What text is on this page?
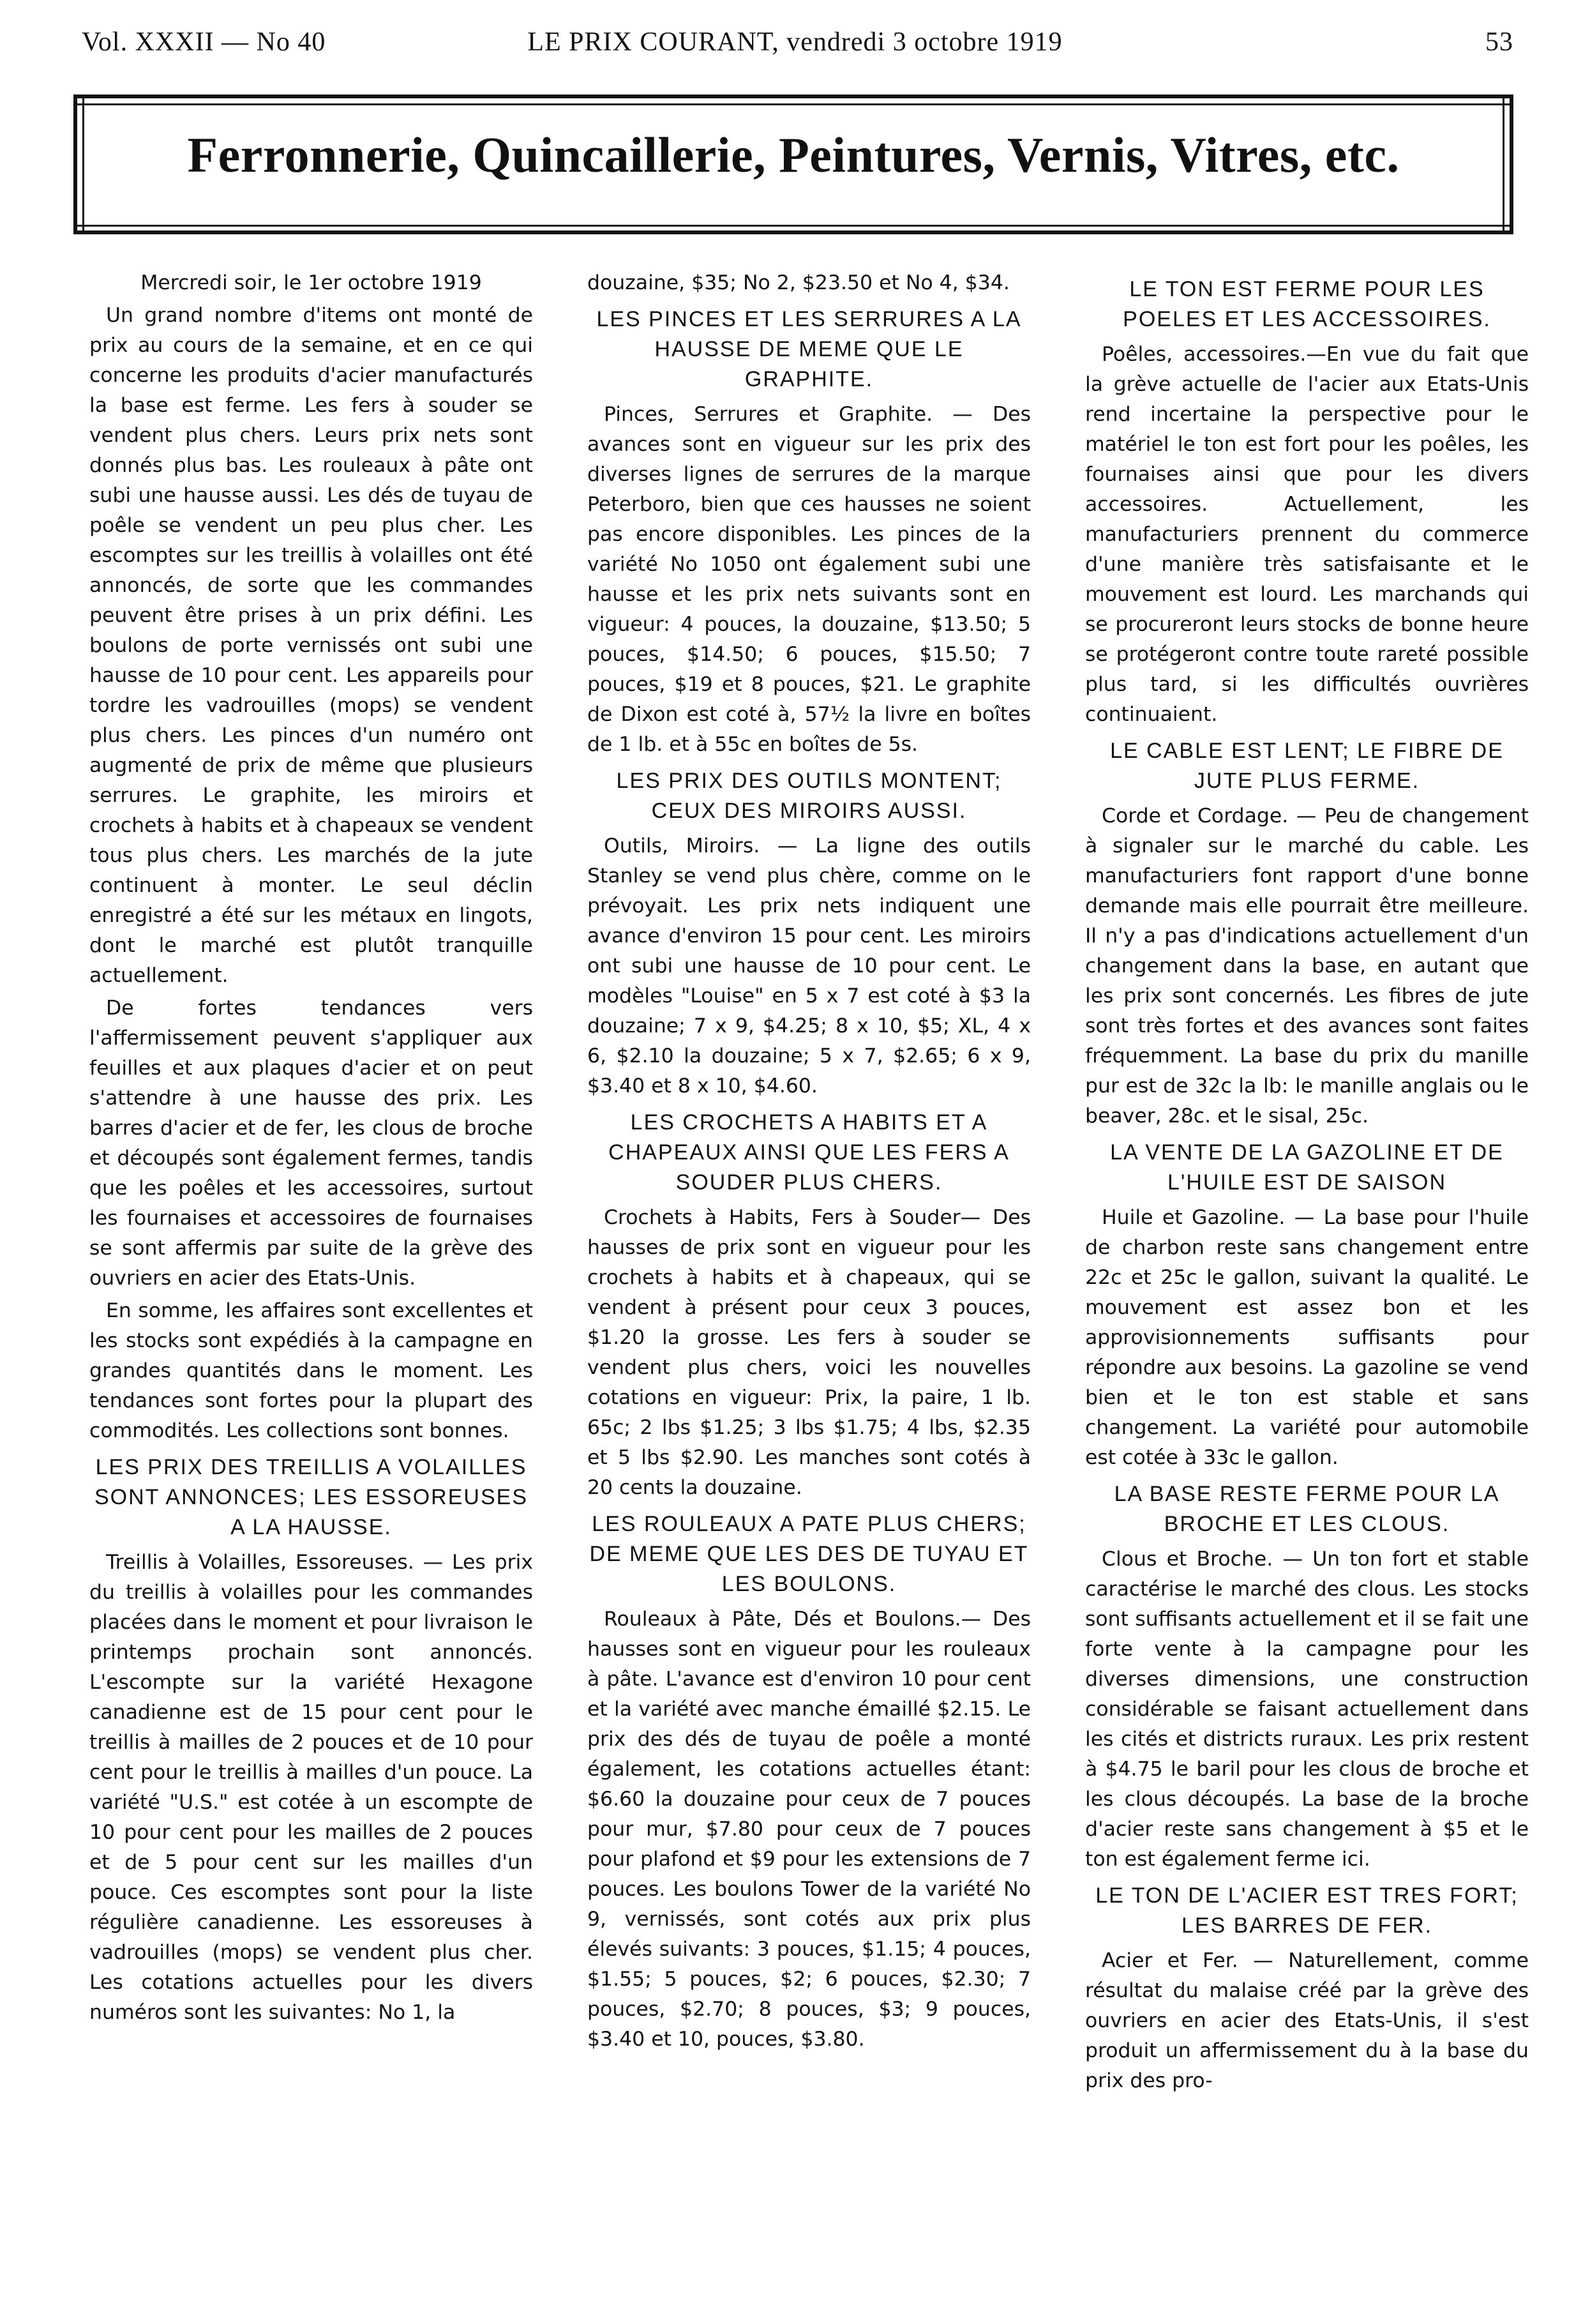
Vol. XXXII — No 40	LE PRIX COURANT, vendredi 3 octobre 1919	53
Ferronnerie, Quincaillerie, Peintures, Vernis, Vitres, etc.

Mercredi soir, le 1er octobre 1919

Un grand nombre d'items ont monté de prix au cours de la semaine, et en ce qui concerne les produits d'acier manufacturés la base est ferme. Les fers à souder se vendent plus chers. Leurs prix nets sont donnés plus bas. Les rouleaux à pâte ont subi une hausse aussi. Les dés de tuyau de poêle se vendent un peu plus cher. Les escomptes sur les treillis à volailles ont été annoncés, de sorte que les commandes peuvent être prises à un prix défini. Les boulons de porte vernissés ont subi une hausse de 10 pour cent. Les appareils pour tordre les vadrouilles (mops) se vendent plus chers. Les pinces d'un numéro ont augmenté de prix de même que plusieurs serrures. Le graphite, les miroirs et crochets à habits et à chapeaux se vendent tous plus chers. Les marchés de la jute continuent à monter. Le seul déclin enregistré a été sur les métaux en lingots, dont le marché est plutôt tranquille actuellement.

De fortes tendances vers l'affermissement peuvent s'appliquer aux feuilles et aux plaques d'acier et on peut s'attendre à une hausse des prix. Les barres d'acier et de fer, les clous de broche et découpés sont également fermes, tandis que les poêles et les accessoires, surtout les fournaises et accessoires de fournaises se sont affermis par suite de la grève des ouvriers en acier des Etats-Unis.

En somme, les affaires sont excellentes et les stocks sont expédiés à la campagne en grandes quantités dans le moment. Les tendances sont fortes pour la plupart des commodités. Les collections sont bonnes.

LES PRIX DES TREILLIS A VOLAILLES SONT ANNONCES; LES ESSOREUSES A LA HAUSSE.

Treillis à Volailles, Essoreuses. — Les prix du treillis à volailles pour les commandes placées dans le moment et pour livraison le printemps prochain sont annoncés. L'escompte sur la variété Hexagone canadienne est de 15 pour cent pour le treillis à mailles de 2 pouces et de 10 pour cent pour le treillis à mailles d'un pouce. La variété "U.S." est cotée à un escompte de 10 pour cent pour les mailles de 2 pouces et de 5 pour cent sur les mailles d'un pouce. Ces escomptes sont pour la liste régulière canadienne. Les essoreuses à vadrouilles (mops) se vendent plus cher. Les cotations actuelles pour les divers numéros sont les suivantes: No 1, la

douzaine, $35; No 2, $23.50 et No 4, $34.

LES PINCES ET LES SERRURES A LA HAUSSE DE MEME QUE LE GRAPHITE.

Pinces, Serrures et Graphite. — Des avances sont en vigueur sur les prix des diverses lignes de serrures de la marque Peterboro, bien que ces hausses ne soient pas encore disponibles. Les pinces de la variété No 1050 ont également subi une hausse et les prix nets suivants sont en vigueur: 4 pouces, la douzaine, $13.50; 5 pouces, $14.50; 6 pouces, $15.50; 7 pouces, $19 et 8 pouces, $21. Le graphite de Dixon est coté à, 57½ la livre en boîtes de 1 lb. et à 55c en boîtes de 5s.

LES PRIX DES OUTILS MONTENT; CEUX DES MIROIRS AUSSI.

Outils, Miroirs. — La ligne des outils Stanley se vend plus chère, comme on le prévoyait. Les prix nets indiquent une avance d'environ 15 pour cent. Les miroirs ont subi une hausse de 10 pour cent. Le modèles "Louise" en 5 x 7 est coté à $3 la douzaine; 7 x 9, $4.25; 8 x 10, $5; XL, 4 x 6, $2.10 la douzaine; 5 x 7, $2.65; 6 x 9, $3.40 et 8 x 10, $4.60.

LES CROCHETS A HABITS ET A CHAPEAUX AINSI QUE LES FERS A SOUDER PLUS CHERS.

Crochets à Habits, Fers à Souder— Des hausses de prix sont en vigueur pour les crochets à habits et à chapeaux, qui se vendent à présent pour ceux 3 pouces, $1.20 la grosse. Les fers à souder se vendent plus chers, voici les nouvelles cotations en vigueur: Prix, la paire, 1 lb. 65c; 2 lbs $1.25; 3 lbs $1.75; 4 lbs, $2.35 et 5 lbs $2.90. Les manches sont cotés à 20 cents la douzaine.

LES ROULEAUX A PATE PLUS CHERS; DE MEME QUE LES DES DE TUYAU ET LES BOULONS.

Rouleaux à Pâte, Dés et Boulons.— Des hausses sont en vigueur pour les rouleaux à pâte. L'avance est d'environ 10 pour cent et la variété avec manche émaillé $2.15. Le prix des dés de tuyau de poêle a monté également, les cotations actuelles étant: $6.60 la douzaine pour ceux de 7 pouces pour mur, $7.80 pour ceux de 7 pouces pour plafond et $9 pour les extensions de 7 pouces. Les boulons Tower de la variété No 9, vernissés, sont cotés aux prix plus élevés suivants: 3 pouces, $1.15; 4 pouces, $1.55; 5 pouces, $2; 6 pouces, $2.30; 7 pouces, $2.70; 8 pouces, $3; 9 pouces, $3.40 et 10, pouces, $3.80.

LE TON EST FERME POUR LES POELES ET LES ACCESSOIRES.

Poêles, accessoires.—En vue du fait que la grève actuelle de l'acier aux Etats-Unis rend incertaine la perspective pour le matériel le ton est fort pour les poêles, les fournaises ainsi que pour les divers accessoires. Actuellement, les manufacturiers prennent du commerce d'une manière très satisfaisante et le mouvement est lourd. Les marchands qui se procureront leurs stocks de bonne heure se protégeront contre toute rareté possible plus tard, si les difficultés ouvrières continuaient.

LE CABLE EST LENT; LE FIBRE DE JUTE PLUS FERME.

Corde et Cordage. — Peu de changement à signaler sur le marché du cable. Les manufacturiers font rapport d'une bonne demande mais elle pourrait être meilleure. Il n'y a pas d'indications actuellement d'un changement dans la base, en autant que les prix sont concernés. Les fibres de jute sont très fortes et des avances sont faites fréquemment. La base du prix du manille pur est de 32c la lb: le manille anglais ou le beaver, 28c. et le sisal, 25c.

LA VENTE DE LA GAZOLINE ET DE L'HUILE EST DE SAISON

Huile et Gazoline. — La base pour l'huile de charbon reste sans changement entre 22c et 25c le gallon, suivant la qualité. Le mouvement est assez bon et les approvisionnements suffisants pour répondre aux besoins. La gazoline se vend bien et le ton est stable et sans changement. La variété pour automobile est cotée à 33c le gallon.

LA BASE RESTE FERME POUR LA BROCHE ET LES CLOUS.

Clous et Broche. — Un ton fort et stable caractérise le marché des clous. Les stocks sont suffisants actuellement et il se fait une forte vente à la campagne pour les diverses dimensions, une construction considérable se faisant actuellement dans les cités et districts ruraux. Les prix restent à $4.75 le baril pour les clous de broche et les clous découpés. La base de la broche d'acier reste sans changement à $5 et le ton est également ferme ici.

LE TON DE L'ACIER EST TRES FORT; LES BARRES DE FER.

Acier et Fer. — Naturellement, comme résultat du malaise créé par la grève des ouvriers en acier des Etats-Unis, il s'est produit un affermissement du à la base du prix des pro-
